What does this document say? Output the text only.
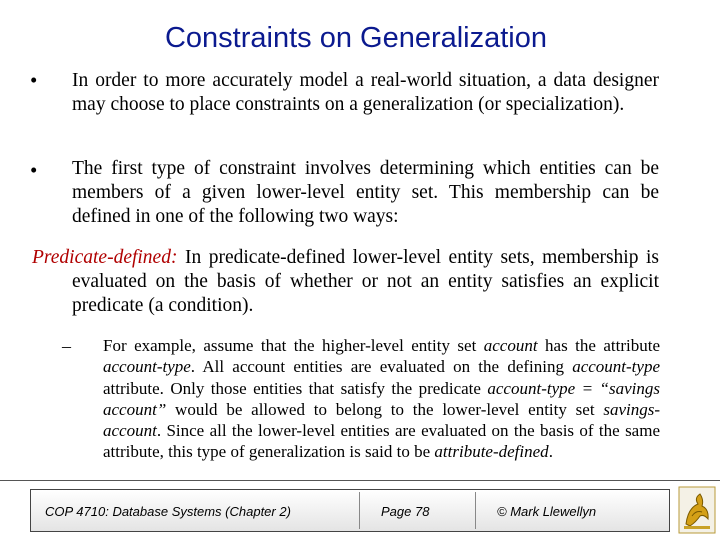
Constraints on Generalization
• In order to more accurately model a real-world situation, a data designer may choose to place constraints on a generalization (or specialization).
• The first type of constraint involves determining which entities can be members of a given lower-level entity set. This membership can be defined in one of the following two ways:
Predicate-defined: In predicate-defined lower-level entity sets, membership is evaluated on the basis of whether or not an entity satisfies an explicit predicate (a condition).
– For example, assume that the higher-level entity set account has the attribute account-type. All account entities are evaluated on the defining account-type attribute. Only those entities that satisfy the predicate account-type = “savings account” would be allowed to belong to the lower-level entity set savings-account. Since all the lower-level entities are evaluated on the basis of the same attribute, this type of generalization is said to be attribute-defined.
COP 4710: Database Systems (Chapter 2)	Page 78	© Mark Llewellyn
